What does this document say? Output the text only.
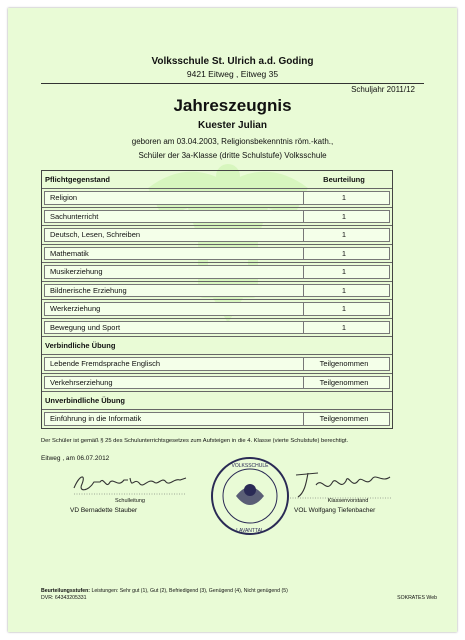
Volksschule St. Ulrich a.d. Goding
9421 Eitweg , Eitweg 35
Schuljahr 2011/12
Jahreszeugnis
Kuester Julian
geboren am 03.04.2003, Religionsbekenntnis röm.-kath.,
Schüler der 3a-Klasse (dritte Schulstufe) Volksschule
Pflichtgegenstand	Beurteilung
Religion	1
Sachunterricht	1
Deutsch, Lesen, Schreiben	1
Mathematik	1
Musikerziehung	1
Bildnerische Erziehung	1
Werkerziehung	1
Bewegung und Sport	1
Verbindliche Übung
Lebende Fremdsprache Englisch	Teilgenommen
Verkehrserziehung	Teilgenommen
Unverbindliche Übung
Einführung in die Informatik	Teilgenommen
Der Schüler ist gemäß § 25 des Schulunterrichtsgesetzes zum Aufsteigen in die 4. Klasse (vierte Schulstufe) berechtigt.
Eitweg , am 06.07.2012
VOLKSSCHULE
LAVANTTAL
Schulleitung	Klassenvorstand
VD Bernadette Stauber	VOL Wolfgang Tiefenbacher
Beurteilungsstufen: Leistungen: Sehr gut (1), Gut (2), Befriedigend (3), Genügend (4), Nicht genügend (5)
DVR: 64343205331	SOKRATES Web
